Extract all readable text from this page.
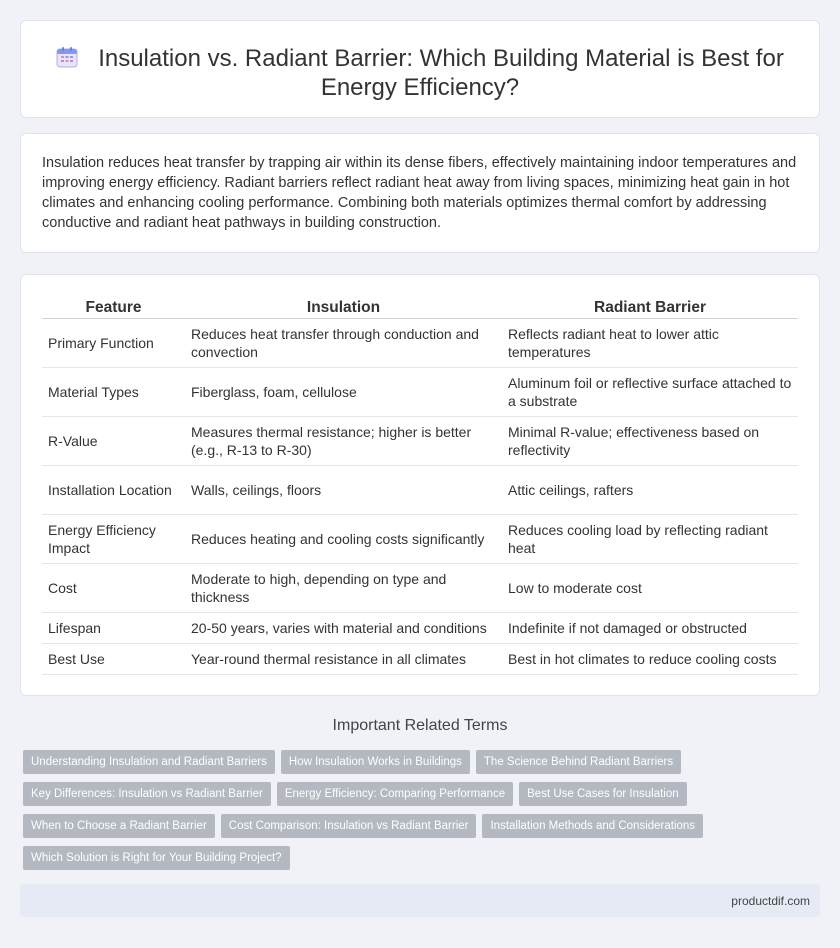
Insulation vs. Radiant Barrier: Which Building Material is Best for Energy Efficiency?

Insulation reduces heat transfer by trapping air within its dense fibers, effectively maintaining indoor temperatures and improving energy efficiency. Radiant barriers reflect radiant heat away from living spaces, minimizing heat gain in hot climates and enhancing cooling performance. Combining both materials optimizes thermal comfort by addressing conductive and radiant heat pathways in building construction.

Feature	Insulation	Radiant Barrier
Primary Function	Reduces heat transfer through conduction and convection	Reflects radiant heat to lower attic temperatures
Material Types	Fiberglass, foam, cellulose	Aluminum foil or reflective surface attached to a substrate
R-Value	Measures thermal resistance; higher is better (e.g., R-13 to R-30)	Minimal R-value; effectiveness based on reflectivity
Installation Location	Walls, ceilings, floors	Attic ceilings, rafters
Energy Efficiency Impact	Reduces heating and cooling costs significantly	Reduces cooling load by reflecting radiant heat
Cost	Moderate to high, depending on type and thickness	Low to moderate cost
Lifespan	20-50 years, varies with material and conditions	Indefinite if not damaged or obstructed
Best Use	Year-round thermal resistance in all climates	Best in hot climates to reduce cooling costs
Important Related Terms
Understanding Insulation and Radiant Barriers How Insulation Works in Buildings The Science Behind Radiant Barriers
Key Differences: Insulation vs Radiant Barrier Energy Efficiency: Comparing Performance Best Use Cases for Insulation
When to Choose a Radiant Barrier Cost Comparison: Insulation vs Radiant Barrier Installation Methods and Considerations
Which Solution is Right for Your Building Project?
productdif.com
